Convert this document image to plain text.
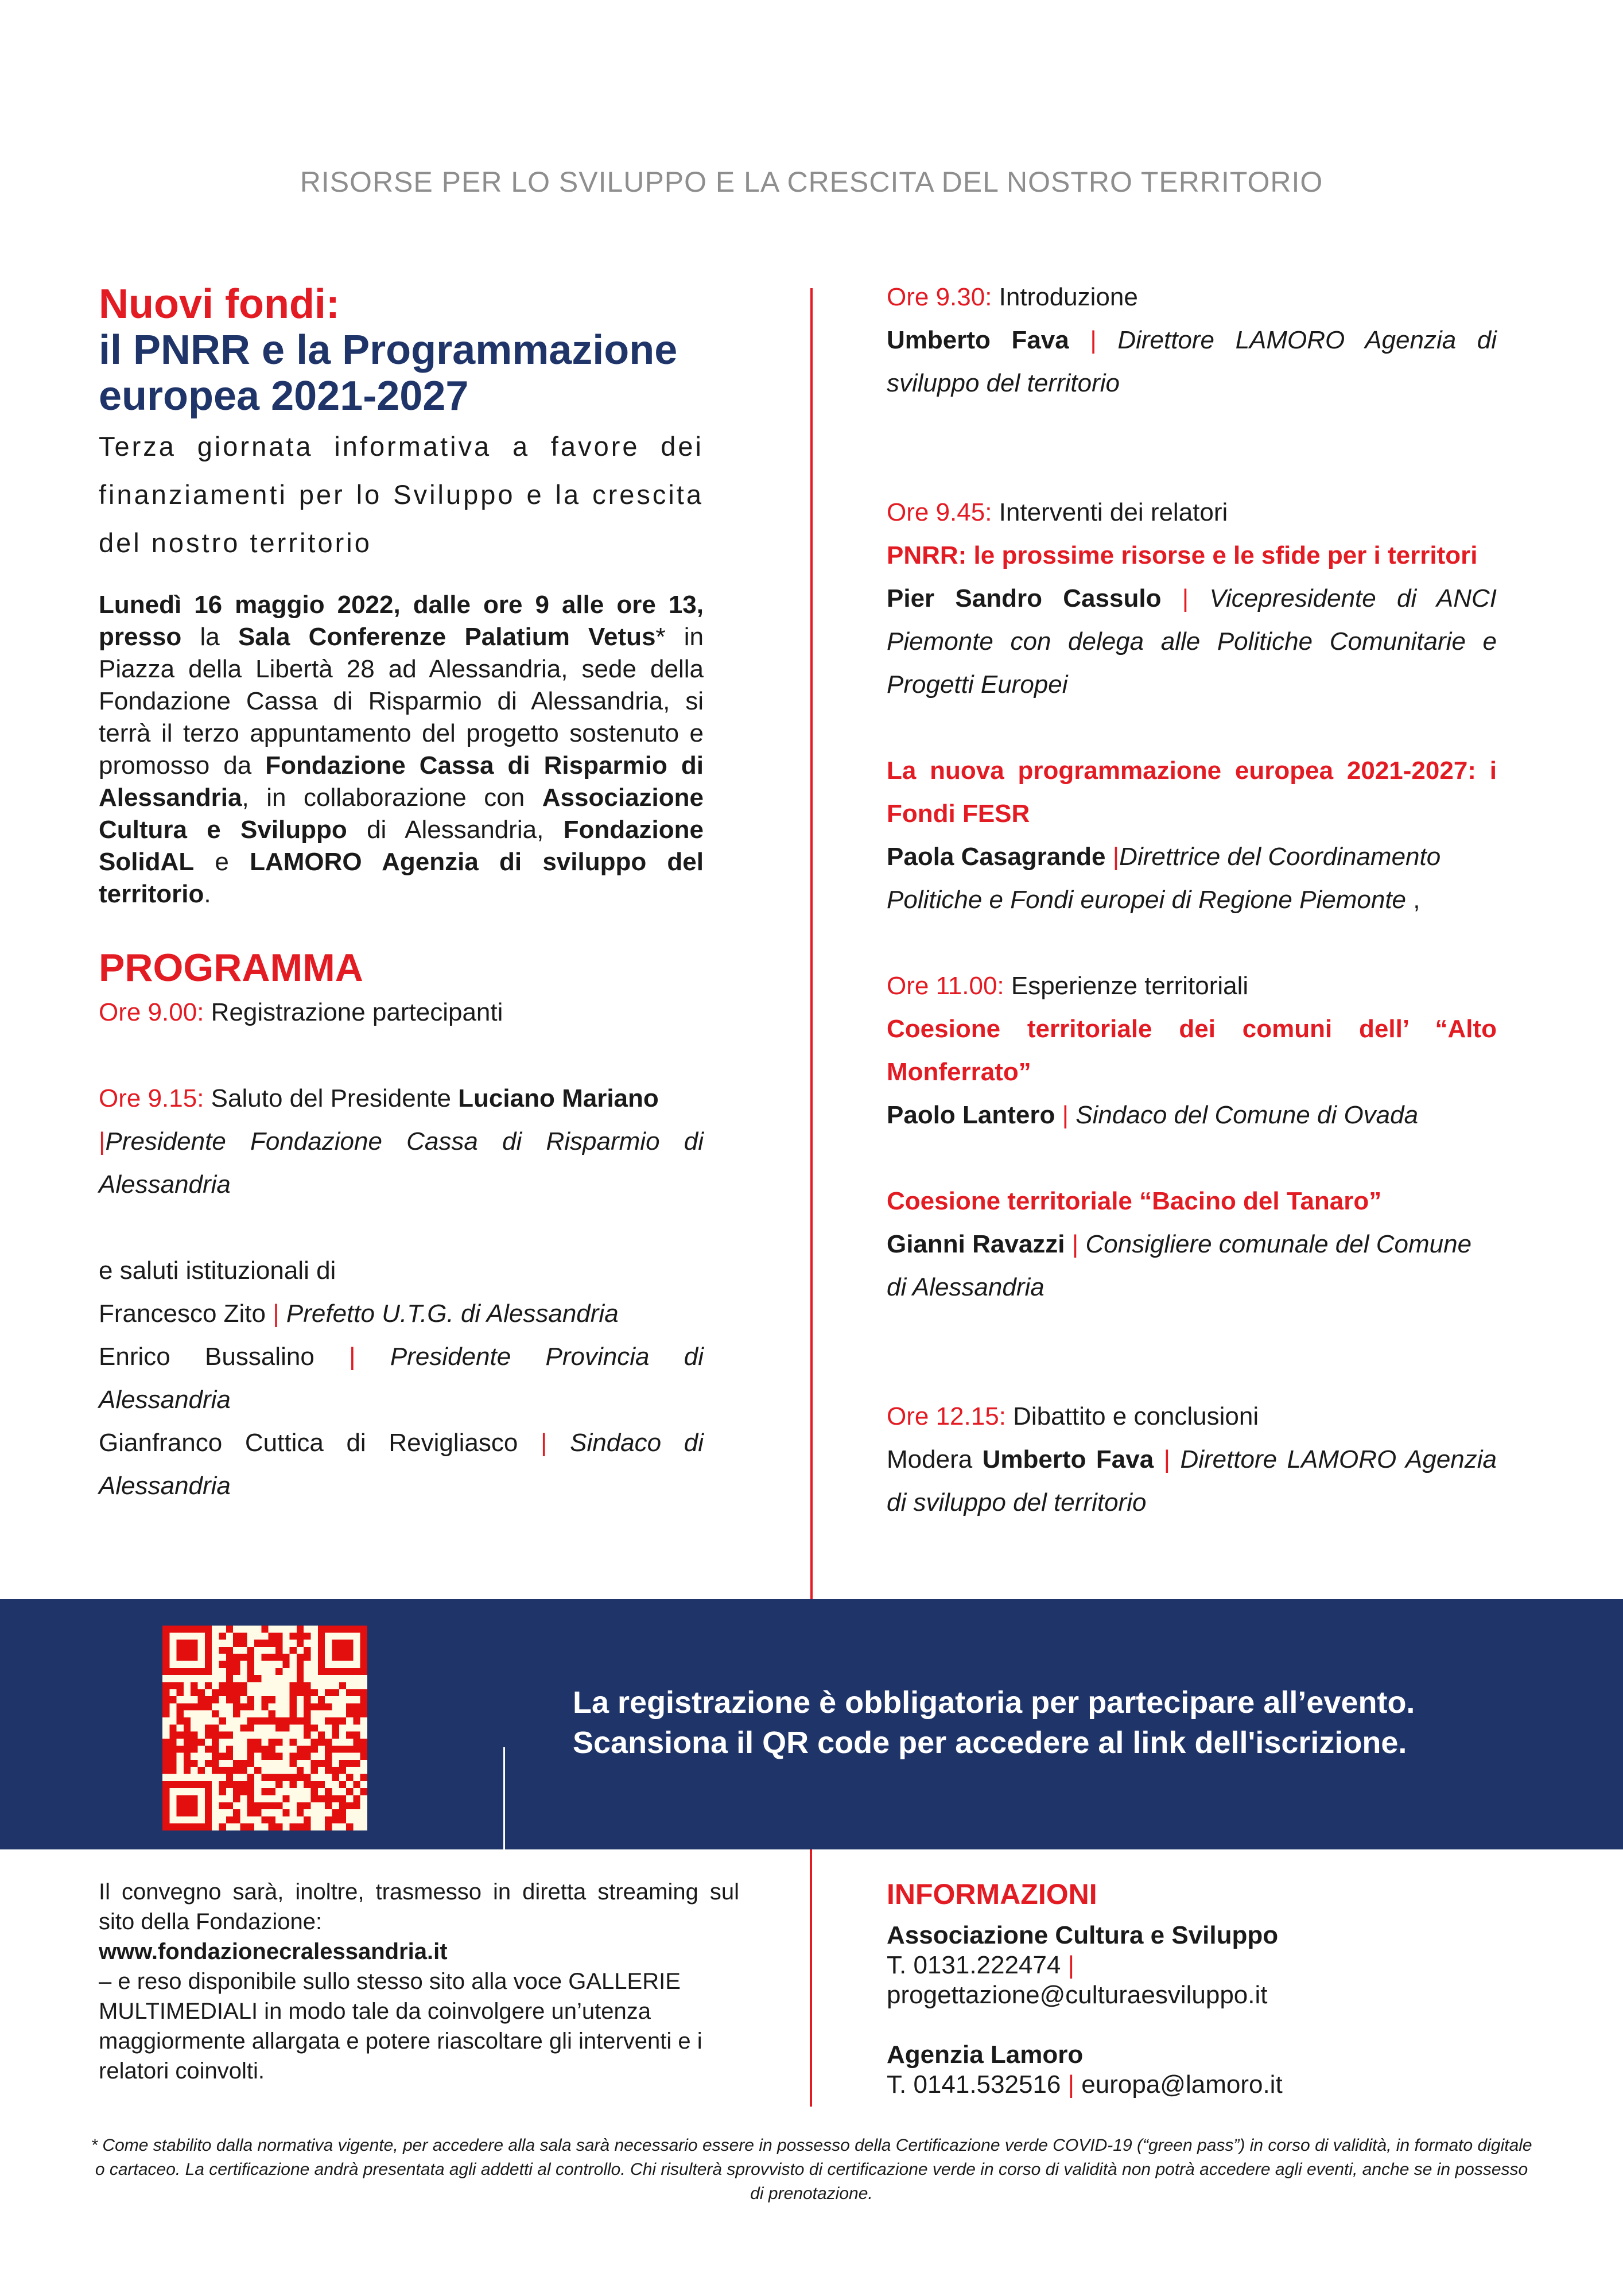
RISORSE PER LO SVILUPPO E LA CRESCITA DEL NOSTRO TERRITORIO
Nuovi fondi:
il PNRR e la Programmazione
europea 2021-2027
Terza giornata informativa a favore dei finanziamenti per lo Sviluppo e la crescita del nostro territorio
Lunedì 16 maggio 2022, dalle ore 9 alle ore 13, presso la Sala Conferenze Palatium Vetus* in Piazza della Libertà 28 ad Alessandria, sede della Fondazione Cassa di Risparmio di Alessandria, si terrà il terzo appuntamento del progetto sostenuto e promosso da Fondazione Cassa di Risparmio di Alessandria, in collaborazione con Associazione Cultura e Sviluppo di Alessandria, Fondazione SolidAL e LAMORO Agenzia di sviluppo del territorio.
PROGRAMMA
Ore 9.00: Registrazione partecipanti
Ore 9.15: Saluto del Presidente Luciano Mariano
|Presidente Fondazione Cassa di Risparmio di Alessandria
e saluti istituzionali di
Francesco Zito | Prefetto U.T.G. di Alessandria
Enrico Bussalino | Presidente Provincia di Alessandria
Gianfranco Cuttica di Revigliasco | Sindaco di Alessandria
Ore 9.30: Introduzione
Umberto Fava | Direttore LAMORO Agenzia di sviluppo del territorio
Ore 9.45: Interventi dei relatori
PNRR: le prossime risorse e le sfide per i territori
Pier Sandro Cassulo | Vicepresidente di ANCI Piemonte con delega alle Politiche Comunitarie e Progetti Europei
La nuova programmazione europea 2021-2027: i Fondi FESR
Paola Casagrande |Direttrice del Coordinamento Politiche e Fondi europei di Regione Piemonte ,
Ore 11.00: Esperienze territoriali
Coesione territoriale dei comuni dell’ “Alto Monferrato”
Paolo Lantero | Sindaco del Comune di Ovada
Coesione territoriale “Bacino del Tanaro”
Gianni Ravazzi | Consigliere comunale del Comune di Alessandria
Ore 12.15: Dibattito e conclusioni
Modera Umberto Fava | Direttore LAMORO Agenzia di sviluppo del territorio
La registrazione è obbligatoria per partecipare all’evento.
Scansiona il QR code per accedere al link dell'iscrizione.
Il convegno sarà, inoltre, trasmesso in diretta streaming sul sito della Fondazione:
www.fondazionecralessandria.it
– e reso disponibile sullo stesso sito alla voce GALLERIE MULTIMEDIALI in modo tale da coinvolgere un’utenza maggiormente allargata e potere riascoltare gli interventi e i relatori coinvolti.
INFORMAZIONI
Associazione Cultura e Sviluppo
T. 0131.222474 |
progettazione@culturaesviluppo.it
Agenzia Lamoro
T. 0141.532516 | europa@lamoro.it
* Come stabilito dalla normativa vigente, per accedere alla sala sarà necessario essere in possesso della Certificazione verde COVID-19 (“green pass”) in corso di validità, in formato digitale o cartaceo. La certificazione andrà presentata agli addetti al controllo. Chi risulterà sprovvisto di certificazione verde in corso di validità non potrà accedere agli eventi, anche se in possesso di prenotazione.
